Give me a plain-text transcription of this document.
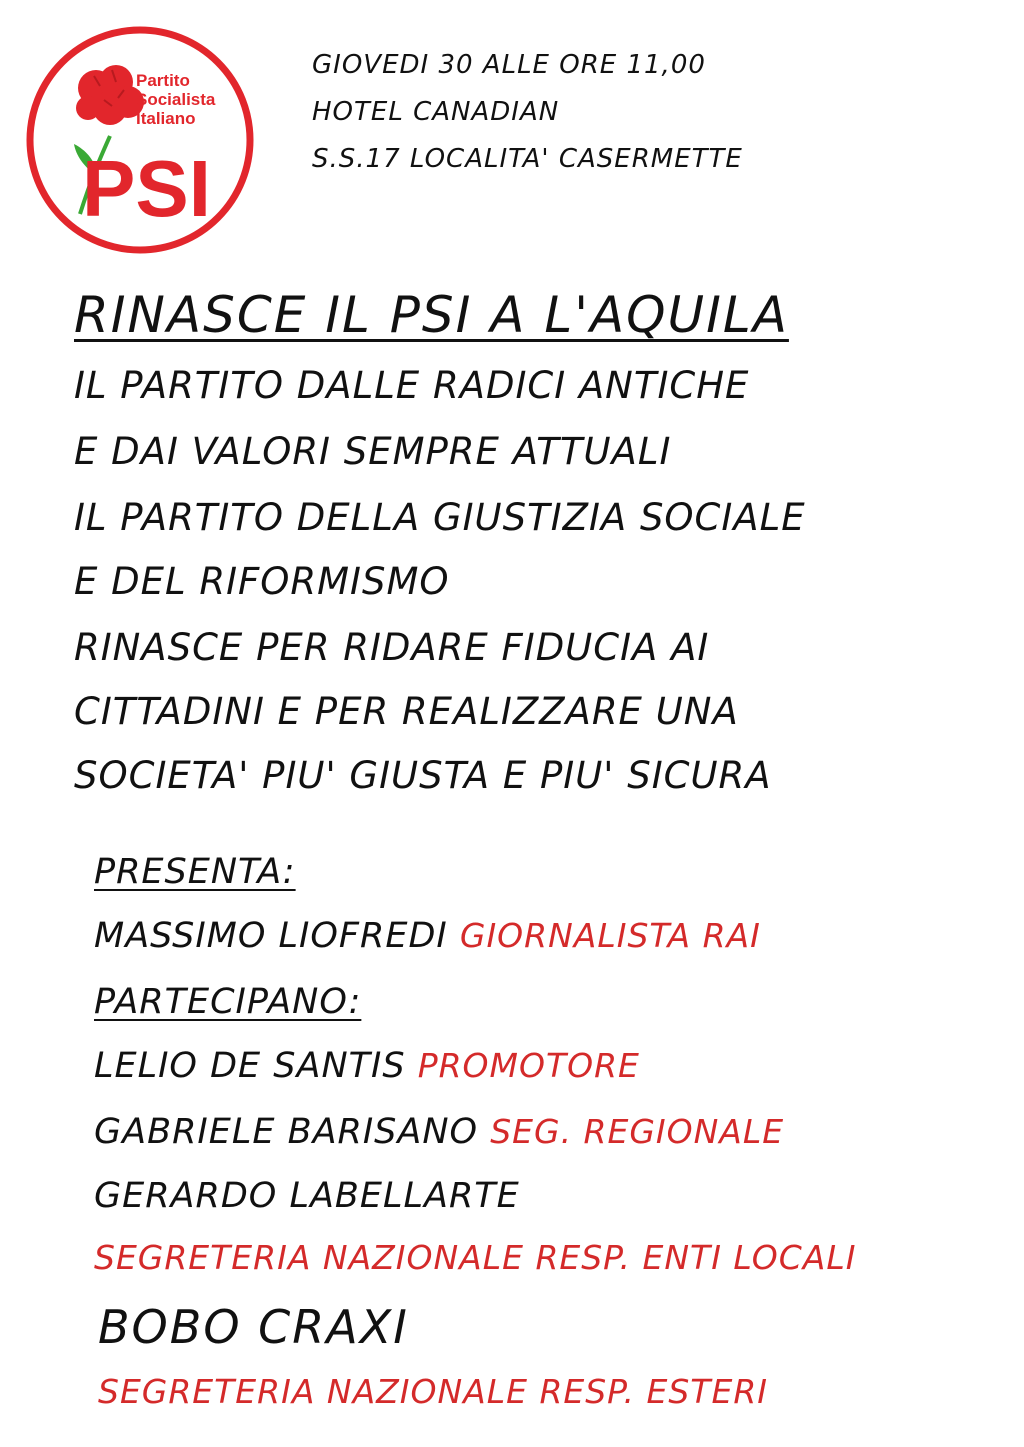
Partito
Socialista
Italiano
PSI

GIOVEDI 30 ALLE ORE 11,00

HOTEL CANADIAN

S.S.17 LOCALITA' CASERMETTE

RINASCE IL PSI A L'AQUILA

IL PARTITO DALLE RADICI ANTICHE

E DAI VALORI SEMPRE ATTUALI

IL PARTITO DELLA GIUSTIZIA SOCIALE

E DEL RIFORMISMO

RINASCE PER RIDARE FIDUCIA AI

CITTADINI E PER REALIZZARE UNA

SOCIETA' PIU' GIUSTA E PIU' SICURA

PRESENTA:

MASSIMO LIOFREDI GIORNALISTA RAI

PARTECIPANO:

LELIO DE SANTIS PROMOTORE

GABRIELE BARISANO SEG. REGIONALE

GERARDO LABELLARTE

SEGRETERIA NAZIONALE RESP. ENTI LOCALI

BOBO CRAXI

SEGRETERIA NAZIONALE RESP. ESTERI
